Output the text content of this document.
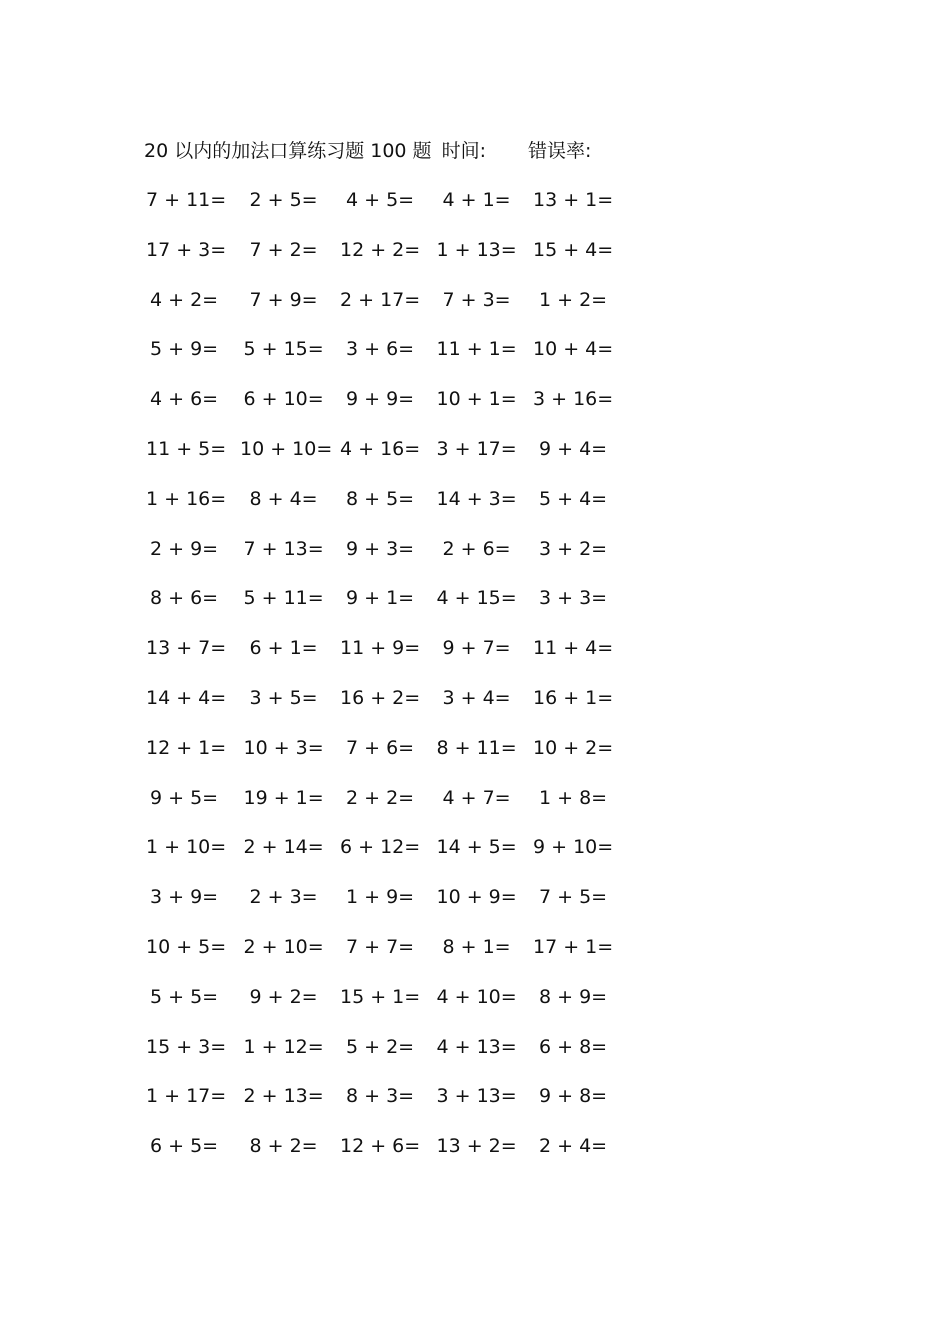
20 以内的加法口算练习题 100 题 时间: 错误率:
7 + 11= 2 + 5= 4 + 5= 4 + 1= 13 + 1=
17 + 3= 7 + 2= 12 + 2= 1 + 13= 15 + 4=
4 + 2= 7 + 9= 2 + 17= 7 + 3= 1 + 2=
5 + 9= 5 + 15= 3 + 6= 11 + 1= 10 + 4=
4 + 6= 6 + 10= 9 + 9= 10 + 1= 3 + 16=
11 + 5= 10 + 10= 4 + 16= 3 + 17= 9 + 4=
1 + 16= 8 + 4= 8 + 5= 14 + 3= 5 + 4=
2 + 9= 7 + 13= 9 + 3= 2 + 6= 3 + 2=
8 + 6= 5 + 11= 9 + 1= 4 + 15= 3 + 3=
13 + 7= 6 + 1= 11 + 9= 9 + 7= 11 + 4=
14 + 4= 3 + 5= 16 + 2= 3 + 4= 16 + 1=
12 + 1= 10 + 3= 7 + 6= 8 + 11= 10 + 2=
9 + 5= 19 + 1= 2 + 2= 4 + 7= 1 + 8=
1 + 10= 2 + 14= 6 + 12= 14 + 5= 9 + 10=
3 + 9= 2 + 3= 1 + 9= 10 + 9= 7 + 5=
10 + 5= 2 + 10= 7 + 7= 8 + 1= 17 + 1=
5 + 5= 9 + 2= 15 + 1= 4 + 10= 8 + 9=
15 + 3= 1 + 12= 5 + 2= 4 + 13= 6 + 8=
1 + 17= 2 + 13= 8 + 3= 3 + 13= 9 + 8=
6 + 5= 8 + 2= 12 + 6= 13 + 2= 2 + 4=
